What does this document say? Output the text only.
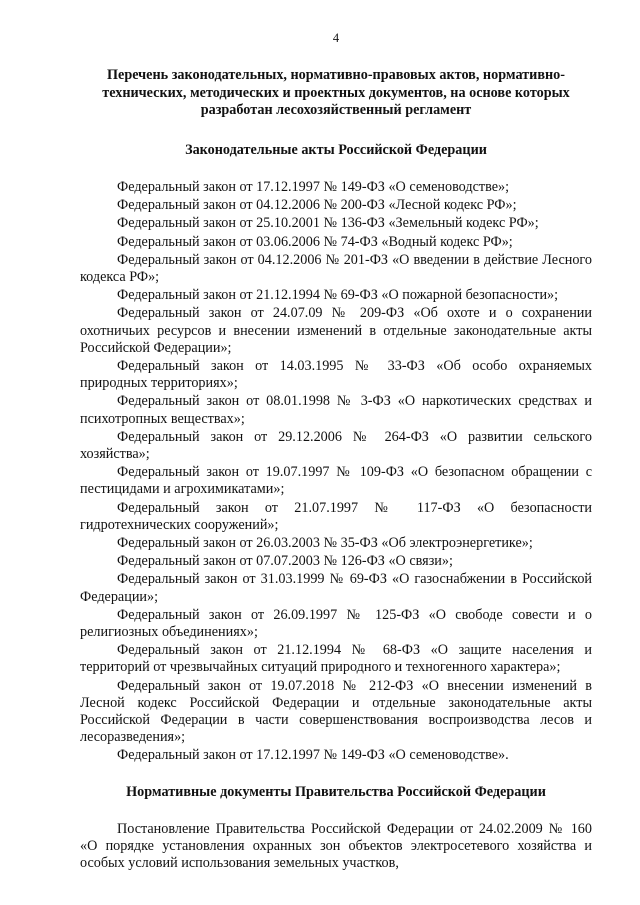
4
Перечень законодательных, нормативно-правовых актов, нормативно-технических, методических и проектных документов, на основе которых разработан лесохозяйственный регламент
Законодательные акты Российской Федерации

Федеральный закон от 17.12.1997 № 149-ФЗ «О семеноводстве»;

Федеральный закон от 04.12.2006 № 200-ФЗ «Лесной кодекс РФ»;

Федеральный закон от 25.10.2001 № 136-ФЗ «Земельный кодекс РФ»;

Федеральный закон от 03.06.2006 № 74-ФЗ «Водный кодекс РФ»;

Федеральный закон от 04.12.2006 № 201-ФЗ «О введении в действие Лесного кодекса РФ»;

Федеральный закон от 21.12.1994 № 69-ФЗ «О пожарной безопасности»;

Федеральный закон от 24.07.09 № 209-ФЗ «Об охоте и о сохранении охотничьих ресурсов и внесении изменений в отдельные законодательные акты Российской Федерации»;

Федеральный закон от 14.03.1995 № 33-ФЗ «Об особо охраняемых природных территориях»;

Федеральный закон от 08.01.1998 № 3-ФЗ «О наркотических средствах и психотропных веществах»;

Федеральный закон от 29.12.2006 № 264-ФЗ «О развитии сельского хозяйства»;

Федеральный закон от 19.07.1997 № 109-ФЗ «О безопасном обращении с пестицидами и агрохимикатами»;

Федеральный закон от 21.07.1997 № 117-ФЗ «О безопасности гидротехнических сооружений»;

Федеральный закон от 26.03.2003 № 35-ФЗ «Об электроэнергетике»;

Федеральный закон от 07.07.2003 № 126-ФЗ «О связи»;

Федеральный закон от 31.03.1999 № 69-ФЗ «О газоснабжении в Российской Федерации»;

Федеральный закон от 26.09.1997 № 125-ФЗ «О свободе совести и о религиозных объединениях»;

Федеральный закон от 21.12.1994 № 68-ФЗ «О защите населения и территорий от чрезвычайных ситуаций природного и техногенного характера»;

Федеральный закон от 19.07.2018 № 212-ФЗ «О внесении изменений в Лесной кодекс Российской Федерации и отдельные законодательные акты Российской Федерации в части совершенствования воспроизводства лесов и лесоразведения»;

Федеральный закон от 17.12.1997 № 149-ФЗ «О семеноводстве».

Нормативные документы Правительства Российской Федерации

Постановление Правительства Российской Федерации от 24.02.2009 № 160 «О порядке установления охранных зон объектов электросетевого хозяйства и особых условий использования земельных участков,
